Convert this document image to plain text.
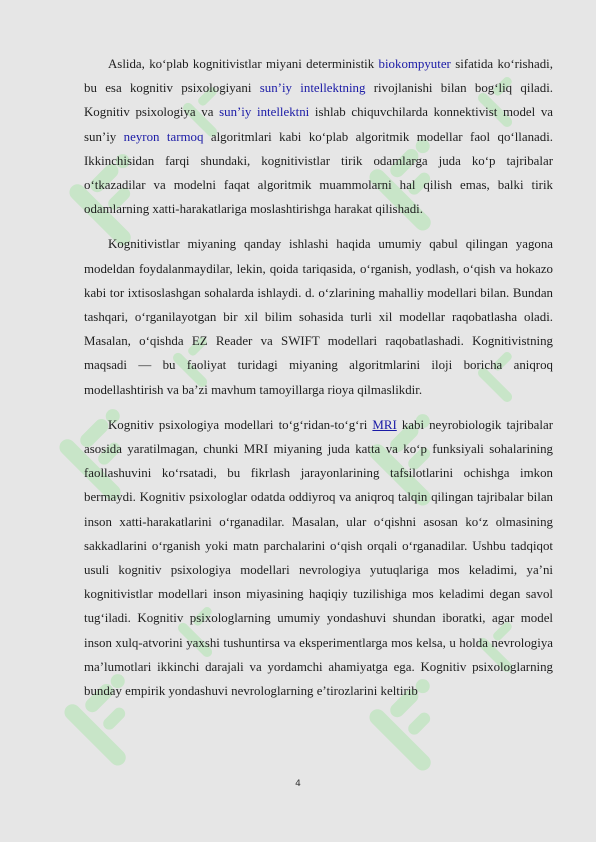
Aslida, ko‘plab kognitivistlar miyani deterministik biokompyuter sifatida ko‘rishadi, bu esa kognitiv psixologiyani sun’iy intellektning rivojlanishi bilan bog‘liq qiladi. Kognitiv psixologiya va sun’iy intellektni ishlab chiquvchilarda konnektivist model va sun’iy neyron tarmoq algoritmlari kabi ko‘plab algoritmik modellar faol qo‘llanadi. Ikkinchisidan farqi shundaki, kognitivistlar tirik odamlarga juda ko‘p tajribalar o‘tkazadilar va modelni faqat algoritmik muammolarni hal qilish emas, balki tirik odamlarning xatti-harakatlariga moslashtirishga harakat qilishadi.

Kognitivistlar miyaning qanday ishlashi haqida umumiy qabul qilingan yagona modeldan foydalanmaydilar, lekin, qoida tariqasida, o‘rganish, yodlash, o‘qish va hokazo kabi tor ixtisoslashgan sohalarda ishlaydi. d. o‘zlarining mahalliy modellari bilan. Bundan tashqari, o‘rganilayotgan bir xil bilim sohasida turli xil modellar raqobatlasha oladi. Masalan, o‘qishda EZ Reader va SWIFT modellari raqobatlashadi. Kognitivistning maqsadi — bu faoliyat turidagi miyaning algoritmlarini iloji boricha aniqroq modellashtirish va ba’zi mavhum tamoyillarga rioya qilmaslikdir.

Kognitiv psixologiya modellari to‘g‘ridan-to‘g‘ri MRI kabi neyrobiologik tajribalar asosida yaratilmagan, chunki MRI miyaning juda katta va ko‘p funksiyali sohalarining faollashuvini ko‘rsatadi, bu fikrlash jarayonlarining tafsilotlarini ochishga imkon bermaydi. Kognitiv psixologlar odatda oddiyroq va aniqroq talqin qilingan tajribalar bilan inson xatti-harakatlarini o‘rganadilar. Masalan, ular o‘qishni asosan ko‘z olmasining sakkadlarini o‘rganish yoki matn parchalarini o‘qish orqali o‘rganadilar. Ushbu tadqiqot usuli kognitiv psixologiya modellari nevrologiya yutuqlariga mos keladimi, ya’ni kognitivistlar modellari inson miyasining haqiqiy tuzilishiga mos keladimi degan savol tug‘iladi. Kognitiv psixologlarning umumiy yondashuvi shundan iboratki, agar model inson xulq-atvorini yaxshi tushuntirsa va eksperimentlarga mos kelsa, u holda nevrologiya ma’lumotlari ikkinchi darajali va yordamchi ahamiyatga ega. Kognitiv psixologlarning bunday empirik yondashuvi nevrologlarning e’tirozlarini keltirib

4
